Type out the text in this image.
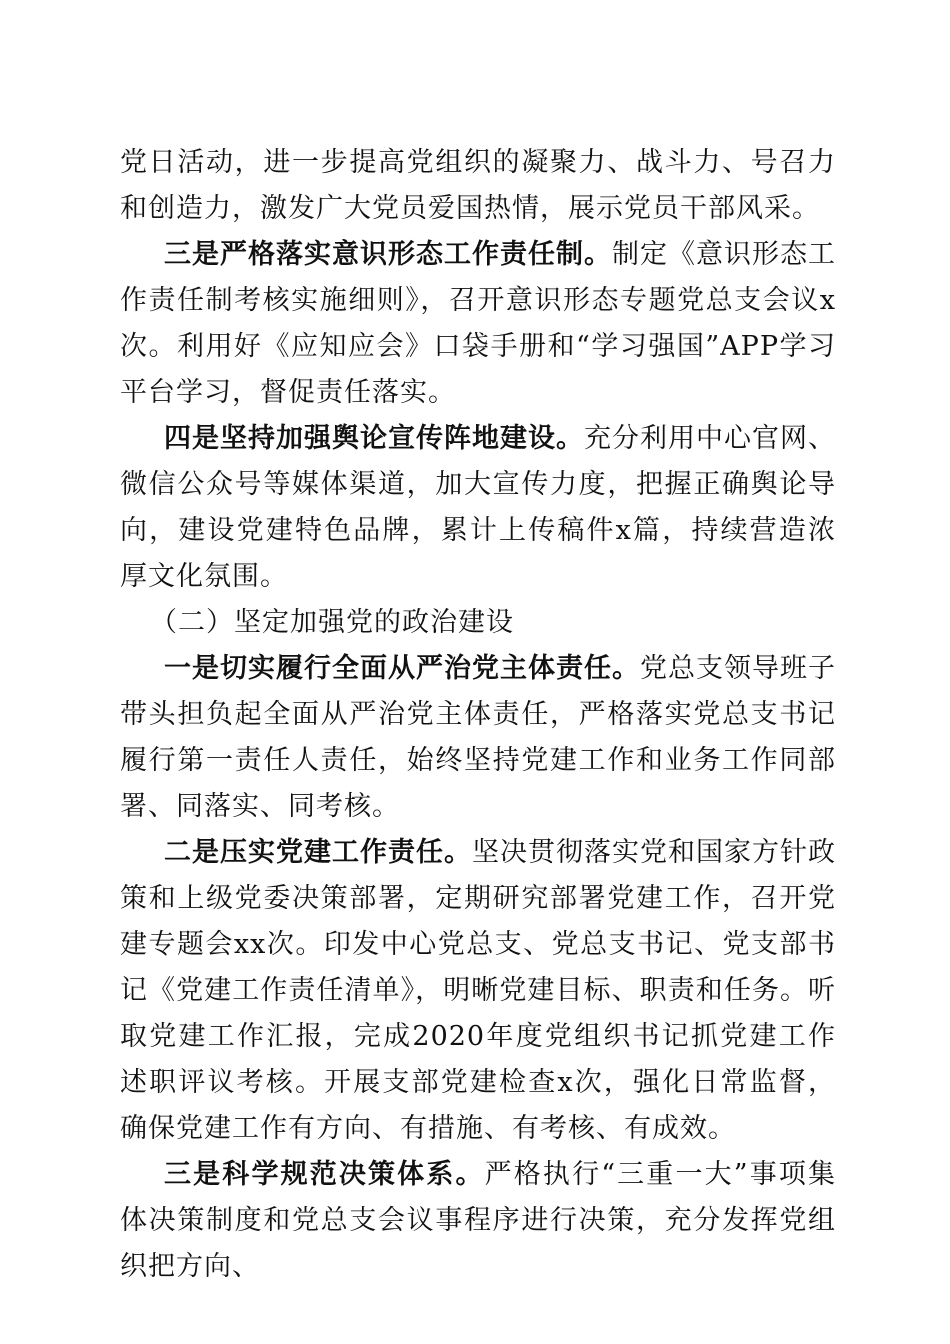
党日活动，进一步提高党组织的凝聚力、战斗力、号召力和创造力，激发广大党员爱国热情，展示党员干部风采。

三是严格落实意识形态工作责任制。制定《意识形态工作责任制考核实施细则》，召开意识形态专题党总支会议x次。利用好《应知应会》口袋手册和“学习强国”APP学习平台学习，督促责任落实。

四是坚持加强舆论宣传阵地建设。充分利用中心官网、微信公众号等媒体渠道，加大宣传力度，把握正确舆论导向，建设党建特色品牌，累计上传稿件x篇，持续营造浓厚文化氛围。

（二）坚定加强党的政治建设

一是切实履行全面从严治党主体责任。党总支领导班子带头担负起全面从严治党主体责任，严格落实党总支书记履行第一责任人责任，始终坚持党建工作和业务工作同部署、同落实、同考核。

二是压实党建工作责任。坚决贯彻落实党和国家方针政策和上级党委决策部署，定期研究部署党建工作，召开党建专题会xx次。印发中心党总支、党总支书记、党支部书记《党建工作责任清单》，明晰党建目标、职责和任务。听取党建工作汇报，完成2020年度党组织书记抓党建工作述职评议考核。开展支部党建检查x次，强化日常监督，确保党建工作有方向、有措施、有考核、有成效。

三是科学规范决策体系。严格执行“三重一大”事项集体决策制度和党总支会议事程序进行决策，充分发挥党组织把方向、
